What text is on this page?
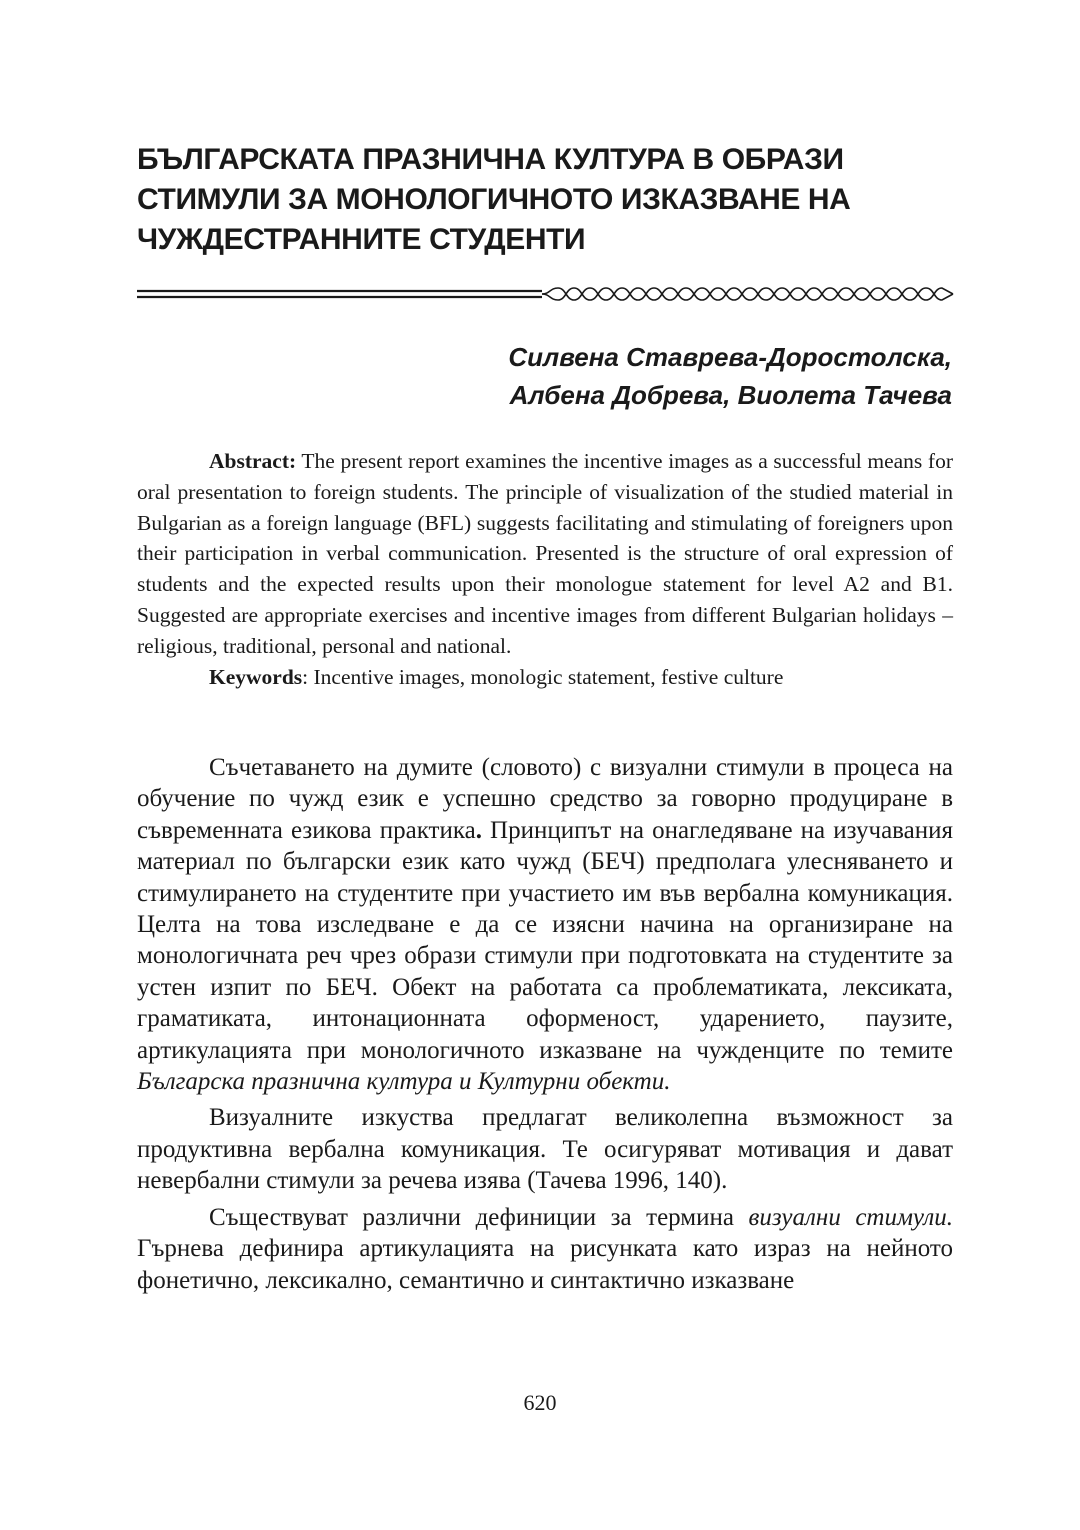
БЪЛГАРСКАТА ПРАЗНИЧНА КУЛТУРА В ОБРАЗИ
СТИМУЛИ ЗА МОНОЛОГИЧНОТО ИЗКАЗВАНЕ НА
ЧУЖДЕСТРАННИТЕ СТУДЕНТИ
Силвена Ставрева-Доростолска,
Албена Добрева, Виолета Тачева

Abstract: The present report examines the incentive images as a successful means for oral presentation to foreign students. The principle of visualization of the studied material in Bulgarian as a foreign language (BFL) suggests facilitating and stimulating of foreigners upon their participation in verbal communication. Presented is the structure of oral expression of students and the expected results upon their monologue statement for level A2 and B1. Suggested are appropriate exercises and incentive images from different Bulgarian holidays – religious, traditional, personal and national.

Keywords: Incentive images, monologic statement, festive culture

Съчетаването на думите (словото) с визуални стимули в процеса на обучение по чужд език е успешно средство за говорно продуциране в съвременната езикова практика. Принципът на онагледяване на изучавания материал по български език като чужд (БЕЧ) предполага улесняването и стимулирането на студентите при участието им във вербална комуникация. Целта на това изследване е да се изясни начина на организиране на монологичната реч чрез образи стимули при подготовката на студентите за устен изпит по БЕЧ. Обект на работата са проблематиката, лексиката, граматиката, интонационната оформеност, ударението, паузите, артикулацията при монологичното изказване на чужденците по темите Българска празнична култура и Културни обекти.

Визуалните изкуства предлагат великолепна възможност за продуктивна вербална комуникация. Те осигуряват мотивация и дават невербални стимули за речева изява (Тачева 1996, 140).

Съществуват различни дефиниции за термина визуални стимули. Гърнева дефинира артикулацията на рисунката като израз на нейното фонетично, лексикално, семантично и синтактично изказване

620
